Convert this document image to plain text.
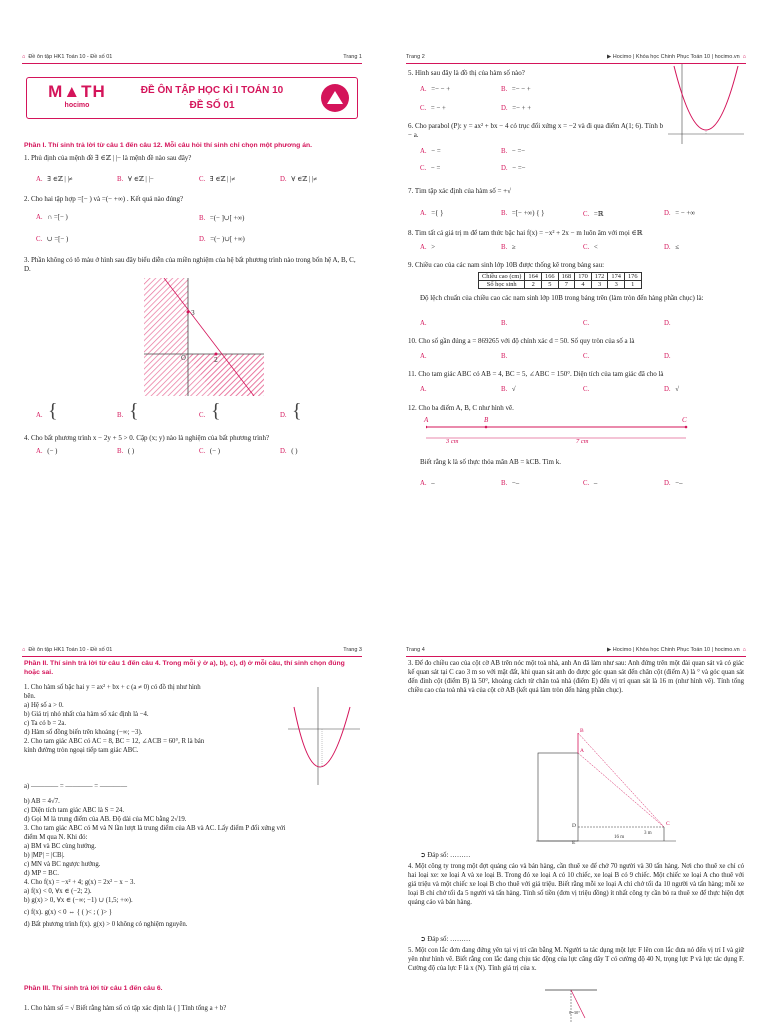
⌂ Đề ôn tập HK1 Toán 10 - Đề số 01	Trang 1
M▲TH
hocimo
ĐỀ ÔN TẬP HỌC KÌ I TOÁN 10
ĐỀ SỐ 01
Phần I. Thí sinh trả lời từ câu 1 đến câu 12. Mỗi câu hỏi thí sinh chỉ chọn một phương án.
1. Phủ định của mệnh đề ∃ ∈ℤ | |− là mệnh đề nào sau đây?
A. ∃ ∈ℤ | |≠	B. ∀ ∈ℤ | |−	C. ∃ ∈ℤ | |≠	D. ∀ ∈ℤ | |≠
2. Cho hai tập hợp =[− ) và =(− +∞) . Kết quả nào đúng?
A. ∩ =[− )	B. =(− ]∪[ +∞)
C. ∪ =[− )	D. =(− )∪[ +∞)
3. Phần không có tô màu ở hình sau đây biểu diễn của miền nghiệm của hệ bất phương trình nào trong bốn hệ A, B, C, D.
3
2
O
A.	B.	C.	D.
{	{	{	{
4. Cho bất phương trình x − 2y + 5 > 0. Cặp (x; y) nào là nghiệm của bất phương trình?
A. (− )	B. ( )	C. (− )	D. ( )
Trang 2	▶ Hocimo | Khóa học Chinh Phục Toán 10 | hocimo.vn ⌂
5. Hình sau đây là đồ thị của hàm số nào?
A. =− − +	B. =− − +
C. = − +	D. =− + +
6. Cho parabol (P): y = ax² + bx − 4 có trục đối xứng x = −2 và đi qua điểm A(1; 6). Tính b − a.
A. − =	B. − =−
C. − =	D. − =−
7. Tìm tập xác định của hàm số = +√
A. ={ }	B. =[− +∞) { }	C. =ℝ	D. = − +∞
8. Tìm tất cả giá trị m để tam thức bậc hai f(x) = −x² + 2x − m luôn âm với mọi ∈ℝ
A. >	B. ≥	C. <	D. ≤
9. Chiều cao của các nam sinh lớp 10B được thống kê trong bảng sau:
Chiều cao (cm)	164	166	168	170	172	174	176
Số học sinh	2	5	7	4	3	3	1
Độ lệch chuẩn của chiều cao các nam sinh lớp 10B trong bảng trên (làm tròn đến hàng phần chục) là:
A.	B.	C.	D.
10. Cho số gần đúng a = 869265 với độ chính xác d = 50. Số quy tròn của số a là
A.	B.	C.	D.
11. Cho tam giác ABC có AB = 4, BC = 5, ∠ABC = 150°. Diện tích của tam giác đã cho là
A.	B. √	C.	D. √
12. Cho ba điểm A, B, C như hình vẽ.
A	B	C
3 cm	7 cm
Biết rằng k là số thực thỏa mãn AB = kCB. Tìm k.
A. –	B. −–	C. –	D. −–
⌂ Đề ôn tập HK1 Toán 10 - Đề số 01	Trang 3
Phần II. Thí sinh trả lời từ câu 1 đến câu 4. Trong mỗi ý ở a), b), c), d) ở mỗi câu, thí sinh chọn đúng hoặc sai.
1. Cho hàm số bậc hai y = ax² + bx + c (a ≠ 0) có đồ thị như hình
bên.
a) Hệ số a > 0.
b) Giá trị nhỏ nhất của hàm số xác định là −4.
c) Ta có b = 2a.
d) Hàm số đồng biến trên khoảng (−∞; −3).
2. Cho tam giác ABC có AC = 8, BC = 12, ∠ACB = 60°, R là bán
kính đường tròn ngoại tiếp tam giác ABC.
a) ———— = ———— = ————
b) AB = 4√7.
c) Diện tích tam giác ABC là S = 24.
d) Gọi M là trung điểm của AB. Độ dài của MC bằng 2√19.
3. Cho tam giác ABC có M và N lần lượt là trung điểm của AB và AC. Lấy điểm P đối xứng với
điểm M qua N. Khi đó:
a) BM và BC cùng hướng.
b) |MP| = |CB|.
c) MN và BC ngược hướng.
d) MP = BC.
4. Cho f(x) = −x² + 4; g(x) = 2x² − x − 3.
a) f(x) < 0, ∀x ∈ (−2; 2).
b) g(x) > 0, ∀x ∈ (−∞; −1) ∪ (1,5; +∞).
c) f(x). g(x) < 0 ⇔ { ( )< ; ( )> }
d) Bất phương trình f(x). g(x) > 0 không có nghiệm nguyên.
Phần III. Thí sinh trả lời từ câu 1 đến câu 6.
1. Cho hàm số = √ Biết rằng hàm số có tập xác định là ( ] Tính tổng a + b?
Trang 4	▶ Hocimo | Khóa học Chinh Phục Toán 10 | hocimo.vn ⌂
3. Để đo chiều cao của cột cờ AB trên nóc một toà nhà, anh An đã làm như sau: Anh đứng trên một đài quan sát và có giác kế quan sát tại C cao 3 m so với mặt đất, khi quan sát anh đo được góc quan sát đến chân cột (điểm A) là ° và góc quan sát đến đỉnh cột (điểm B) là 50°, khoảng cách từ chân toà nhà (điểm E) đến vị trí quan sát là 16 m (như hình vẽ). Tính tổng chiều cao của toà nhà và của cột cờ AB (kết quả làm tròn đến hàng phần chục).
B
A
C
D
E
3 m
16 m
➲ Đáp số: ………
4. Một công ty trong một đợt quảng cáo và bán hàng, cần thuê xe để chở 70 người và 30 tấn hàng. Nơi cho thuê xe chỉ có hai loại xe: xe loại A và xe loại B. Trong đó xe loại A có 10 chiếc, xe loại B có 9 chiếc. Một chiếc xe loại A cho thuê với giá triệu và một chiếc xe loại B cho thuê với giá triệu. Biết rằng mỗi xe loại A chỉ chở tối đa 10 người và tấn hàng; mỗi xe loại B chỉ chở tối đa 5 người và tấn hàng. Tính số tiền (đơn vị triệu đồng) ít nhất công ty cần bỏ ra thuê xe để thực hiện đợt quảng cáo và bán hàng.
➲ Đáp số: ………
5. Một con lắc đơn đang đứng yên tại vị trí cân bằng M. Người ta tác dụng một lực F lên con lắc đưa nó đến vị trí I và giữ yên như hình vẽ. Biết rằng con lắc đang chịu tác động của lực căng dây T có cường độ 40 N, trọng lực P và lực tác dụng F. Cường độ của lực F là x (N). Tính giá trị của x.
0=30°
